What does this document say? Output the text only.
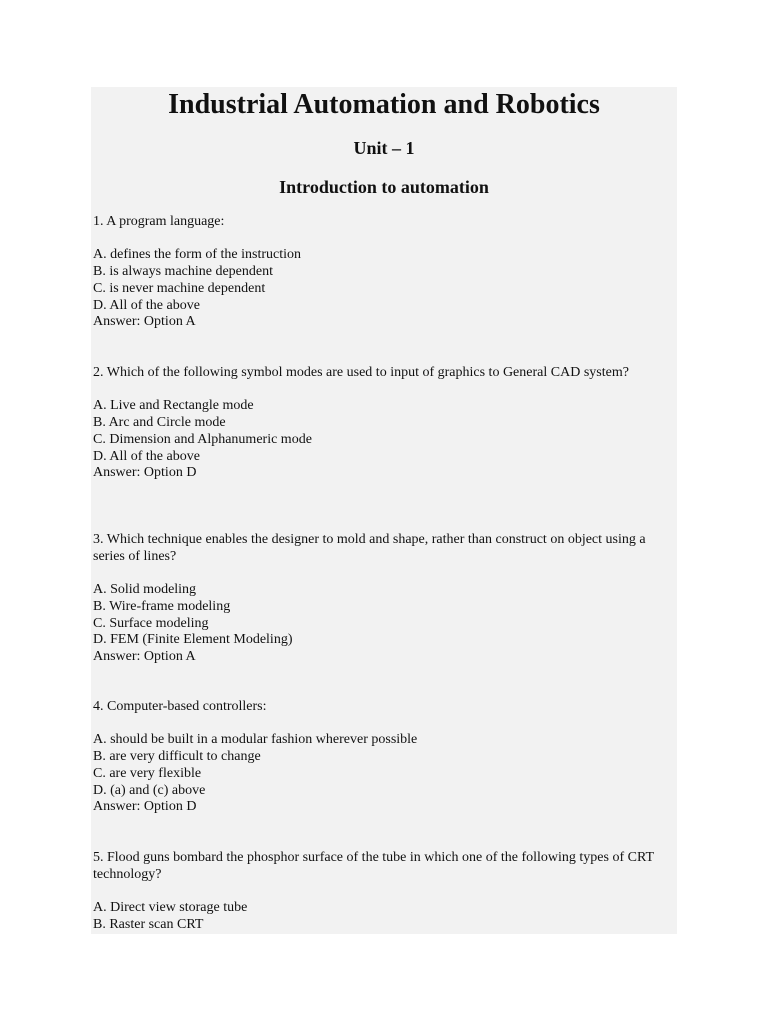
Industrial Automation and Robotics
Unit – 1
Introduction to automation

1. A program language:

A. defines the form of the instruction

B. is always machine dependent

C. is never machine dependent

D. All of the above

Answer: Option A

2. Which of the following symbol modes are used to input of graphics to General CAD system?

A. Live and Rectangle mode

B. Arc and Circle mode

C. Dimension and Alphanumeric mode

D. All of the above

Answer: Option D

3. Which technique enables the designer to mold and shape, rather than construct on object using a series of lines?

A. Solid modeling

B. Wire-frame modeling

C. Surface modeling

D. FEM (Finite Element Modeling)

Answer: Option A

4. Computer-based controllers:

A. should be built in a modular fashion wherever possible

B. are very difficult to change

C. are very flexible

D. (a) and (c) above

Answer: Option D

5. Flood guns bombard the phosphor surface of the tube in which one of the following types of CRT technology?

A. Direct view storage tube

B. Raster scan CRT
